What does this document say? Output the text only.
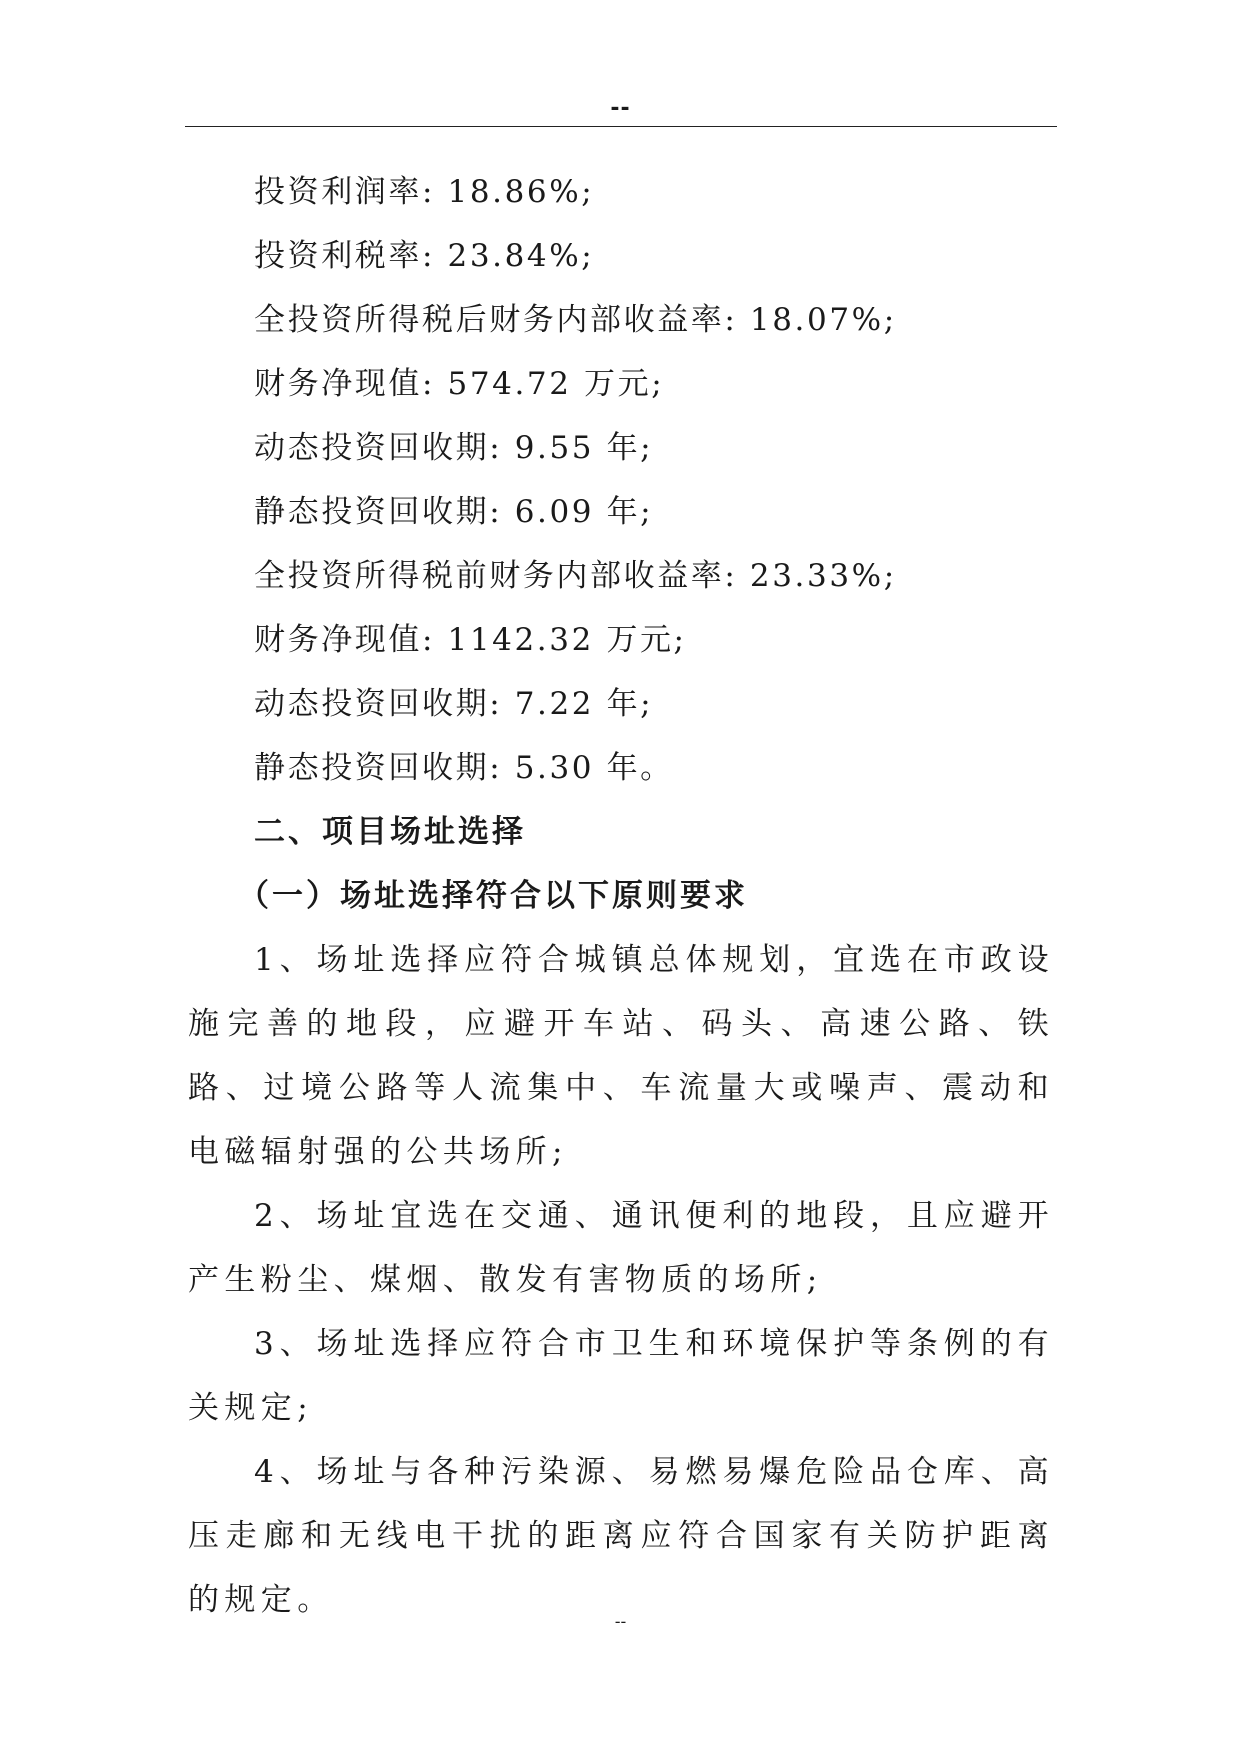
--

投资利润率: 18.86%;

投资利税率: 23.84%;

全投资所得税后财务内部收益率: 18.07%;

财务净现值: 574.72 万元;

动态投资回收期: 9.55 年;

静态投资回收期: 6.09 年;

全投资所得税前财务内部收益率: 23.33%;

财务净现值: 1142.32 万元;

动态投资回收期: 7.22 年;

静态投资回收期: 5.30 年。

二、项目场址选择

（一）场址选择符合以下原则要求

1、场址选择应符合城镇总体规划，宜选在市政设施完善的地段，应避开车站、码头、高速公路、铁路、过境公路等人流集中、车流量大或噪声、震动和电磁辐射强的公共场所;

2、场址宜选在交通、通讯便利的地段，且应避开产生粉尘、煤烟、散发有害物质的场所;

3、场址选择应符合市卫生和环境保护等条例的有关规定;

4、场址与各种污染源、易燃易爆危险品仓库、高压走廊和无线电干扰的距离应符合国家有关防护距离的规定。

--
